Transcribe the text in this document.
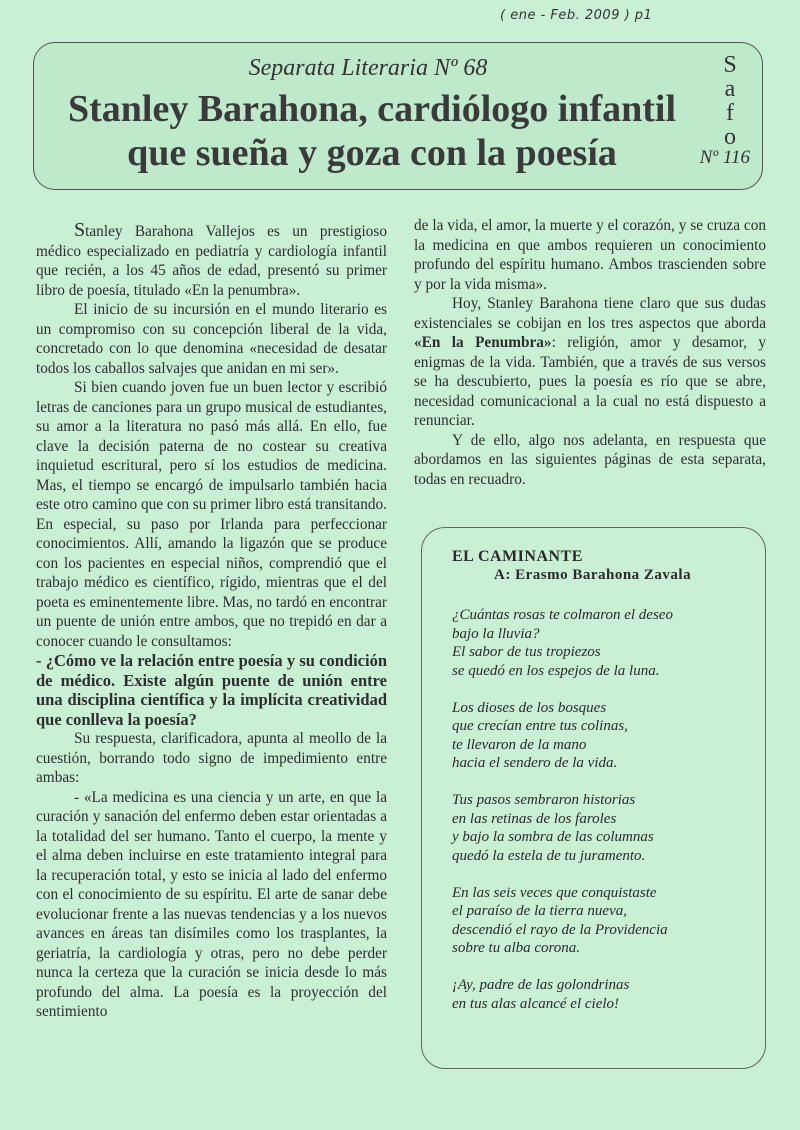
( ene - Feb. 2009 ) p1
Separata Literaria Nº 68
Stanley Barahona, cardiólogo infantil
que sueña y goza con la poesía
S
a
f
o
Nº 116

Stanley Barahona Vallejos es un prestigioso médico especializado en pediatría y cardiología infantil que recién, a los 45 años de edad, presentó su primer libro de poesía, titulado «En la penumbra».

El inicio de su incursión en el mundo literario es un compromiso con su concepción liberal de la vida, concretado con lo que denomina «necesidad de desatar todos los caballos salvajes que anidan en mi ser».

Si bien cuando joven fue un buen lector y escribió letras de canciones para un grupo musical de estudiantes, su amor a la literatura no pasó más allá. En ello, fue clave la decisión paterna de no costear su creativa inquietud escritural, pero sí los estudios de medicina. Mas, el tiempo se encargó de impulsarlo también hacia este otro camino que con su primer libro está transitando. En especial, su paso por Irlanda para perfeccionar conocimientos. Allí, amando la ligazón que se produce con los pacientes en especial niños, comprendió que el trabajo médico es científico, rígido, mientras que el del poeta es eminentemente libre. Mas, no tardó en encontrar un puente de unión entre ambos, que no trepidó en dar a conocer cuando le consultamos:

- ¿Cómo ve la relación entre poesía y su condición de médico. Existe algún puente de unión entre una disciplina científica y la implícita creatividad que conlleva la poesía?

Su respuesta, clarificadora, apunta al meollo de la cuestión, borrando todo signo de impedimiento entre ambas:

- «La medicina es una ciencia y un arte, en que la curación y sanación del enfermo deben estar orientadas a la totalidad del ser humano. Tanto el cuerpo, la mente y el alma deben incluirse en este tratamiento integral para la recuperación total, y esto se inicia al lado del enfermo con el conocimiento de su espíritu. El arte de sanar debe evolucionar frente a las nuevas tendencias y a los nuevos avances en áreas tan disímiles como los trasplantes, la geriatría, la cardiología y otras, pero no debe perder nunca la certeza que la curación se inicia desde lo más profundo del alma. La poesía es la proyección del sentimiento

de la vida, el amor, la muerte y el corazón, y se cruza con la medicina en que ambos requieren un conocimiento profundo del espíritu humano. Ambos trascienden sobre y por la vida misma».

Hoy, Stanley Barahona tiene claro que sus dudas existenciales se cobijan en los tres aspectos que aborda «En la Penumbra»: religión, amor y desamor, y enigmas de la vida. También, que a través de sus versos se ha descubierto, pues la poesía es río que se abre, necesidad comunicacional a la cual no está dispuesto a renunciar.

Y de ello, algo nos adelanta, en respuesta que abordamos en las siguientes páginas de esta separata, todas en recuadro.

EL CAMINANTE
A: Erasmo Barahona Zavala
¿Cuántas rosas te colmaron el deseo
bajo la lluvia?
El sabor de tus tropiezos
se quedó en los espejos de la luna.
Los dioses de los bosques
que crecían entre tus colinas,
te llevaron de la mano
hacia el sendero de la vida.
Tus pasos sembraron historias
en las retinas de los faroles
y bajo la sombra de las columnas
quedó la estela de tu juramento.
En las seis veces que conquistaste
el paraíso de la tierra nueva,
descendió el rayo de la Providencia
sobre tu alba corona.
¡Ay, padre de las golondrinas
en tus alas alcancé el cielo!
